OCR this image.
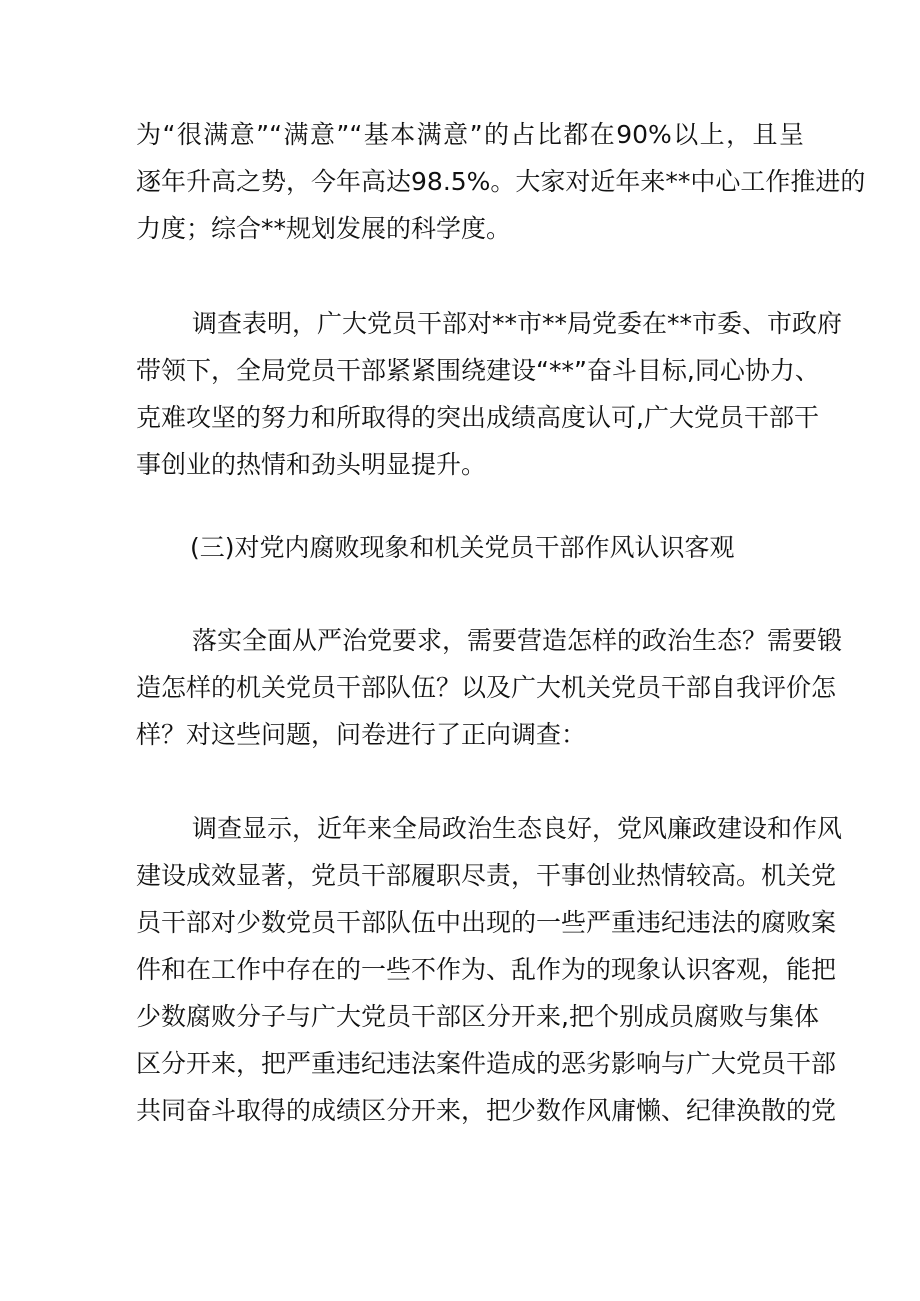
为“很满意”“满意”“基本满意”的占比都在90%以上，且呈
逐年升高之势，今年高达98.5%。大家对近年来**中心工作推进的
力度；综合**规划发展的科学度。
调查表明，广大党员干部对**市**局党委在**市委、市政府
带领下，全局党员干部紧紧围绕建设“**”奋斗目标,同心协力、
克难攻坚的努力和所取得的突出成绩高度认可,广大党员干部干
事创业的热情和劲头明显提升。
(三)对党内腐败现象和机关党员干部作风认识客观
落实全面从严治党要求，需要营造怎样的政治生态？需要锻
造怎样的机关党员干部队伍？以及广大机关党员干部自我评价怎
样？对这些问题，问卷进行了正向调查：
调查显示，近年来全局政治生态良好，党风廉政建设和作风
建设成效显著，党员干部履职尽责，干事创业热情较高。机关党
员干部对少数党员干部队伍中出现的一些严重违纪违法的腐败案
件和在工作中存在的一些不作为、乱作为的现象认识客观，能把
少数腐败分子与广大党员干部区分开来,把个别成员腐败与集体
区分开来，把严重违纪违法案件造成的恶劣影响与广大党员干部
共同奋斗取得的成绩区分开来，把少数作风庸懒、纪律涣散的党
